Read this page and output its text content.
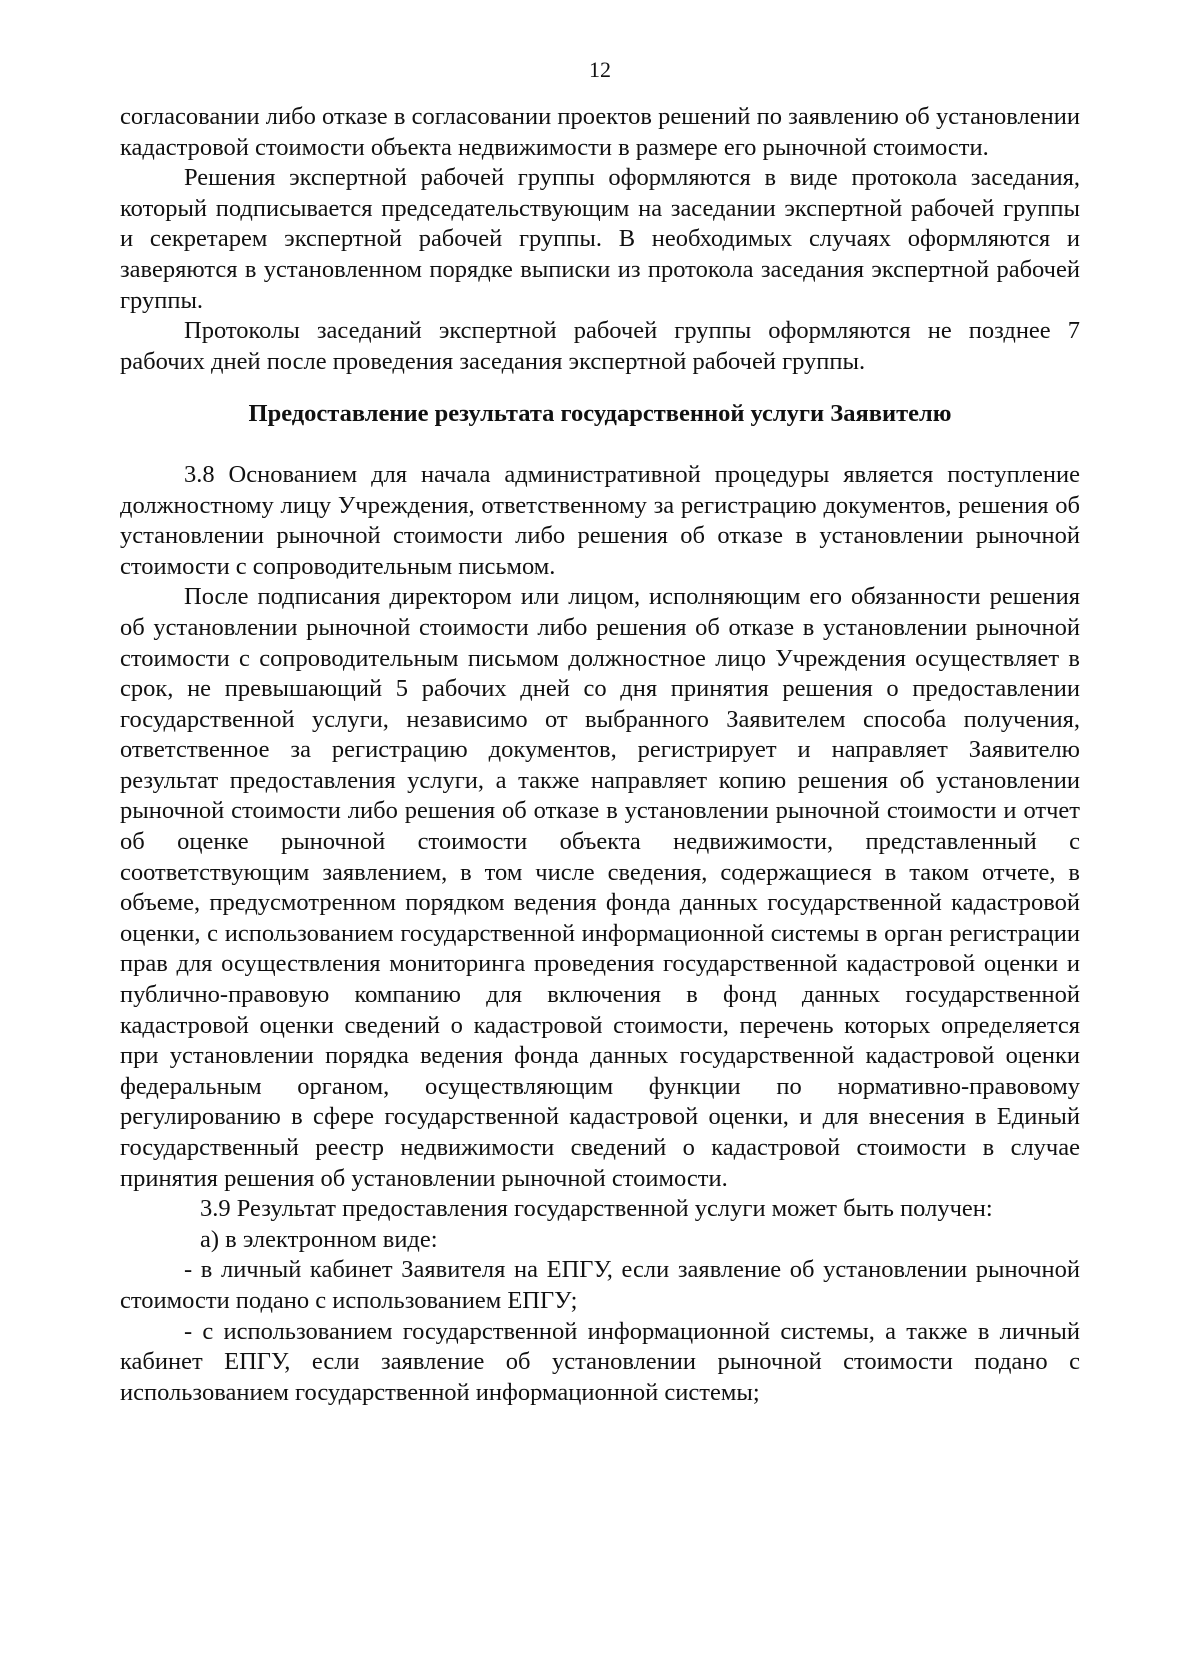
12

согласовании либо отказе в согласовании проектов решений по заявлению об установлении кадастровой стоимости объекта недвижимости в размере его рыночной стоимости.

Решения экспертной рабочей группы оформляются в виде протокола заседания, который подписывается председательствующим на заседании экспертной рабочей группы и секретарем экспертной рабочей группы. В необходимых случаях оформляются и заверяются в установленном порядке выписки из протокола заседания экспертной рабочей группы.

Протоколы заседаний экспертной рабочей группы оформляются не позднее 7 рабочих дней после проведения заседания экспертной рабочей группы.

Предоставление результата государственной услуги Заявителю

3.8 Основанием для начала административной процедуры является поступление должностному лицу Учреждения, ответственному за регистрацию документов, решения об установлении рыночной стоимости либо решения об отказе в установлении рыночной стоимости с сопроводительным письмом.

После подписания директором или лицом, исполняющим его обязанности решения об установлении рыночной стоимости либо решения об отказе в установлении рыночной стоимости с сопроводительным письмом должностное лицо Учреждения осуществляет в срок, не превышающий 5 рабочих дней со дня принятия решения о предоставлении государственной услуги, независимо от выбранного Заявителем способа получения, ответственное за регистрацию документов, регистрирует и направляет Заявителю результат предоставления услуги, а также направляет копию решения об установлении рыночной стоимости либо решения об отказе в установлении рыночной стоимости и отчет об оценке рыночной стоимости объекта недвижимости, представленный с соответствующим заявлением, в том числе сведения, содержащиеся в таком отчете, в объеме, предусмотренном порядком ведения фонда данных государственной кадастровой оценки, с использованием государственной информационной системы в орган регистрации прав для осуществления мониторинга проведения государственной кадастровой оценки и публично-правовую компанию для включения в фонд данных государственной кадастровой оценки сведений о кадастровой стоимости, перечень которых определяется при установлении порядка ведения фонда данных государственной кадастровой оценки федеральным органом, осуществляющим функции по нормативно-правовому регулированию в сфере государственной кадастровой оценки, и для внесения в Единый государственный реестр недвижимости сведений о кадастровой стоимости в случае принятия решения об установлении рыночной стоимости.

3.9 Результат предоставления государственной услуги может быть получен:

а) в электронном виде:

- в личный кабинет Заявителя на ЕПГУ, если заявление об установлении рыночной стоимости подано с использованием ЕПГУ;

- с использованием государственной информационной системы, а также в личный кабинет ЕПГУ, если заявление об установлении рыночной стоимости подано с использованием государственной информационной системы;
